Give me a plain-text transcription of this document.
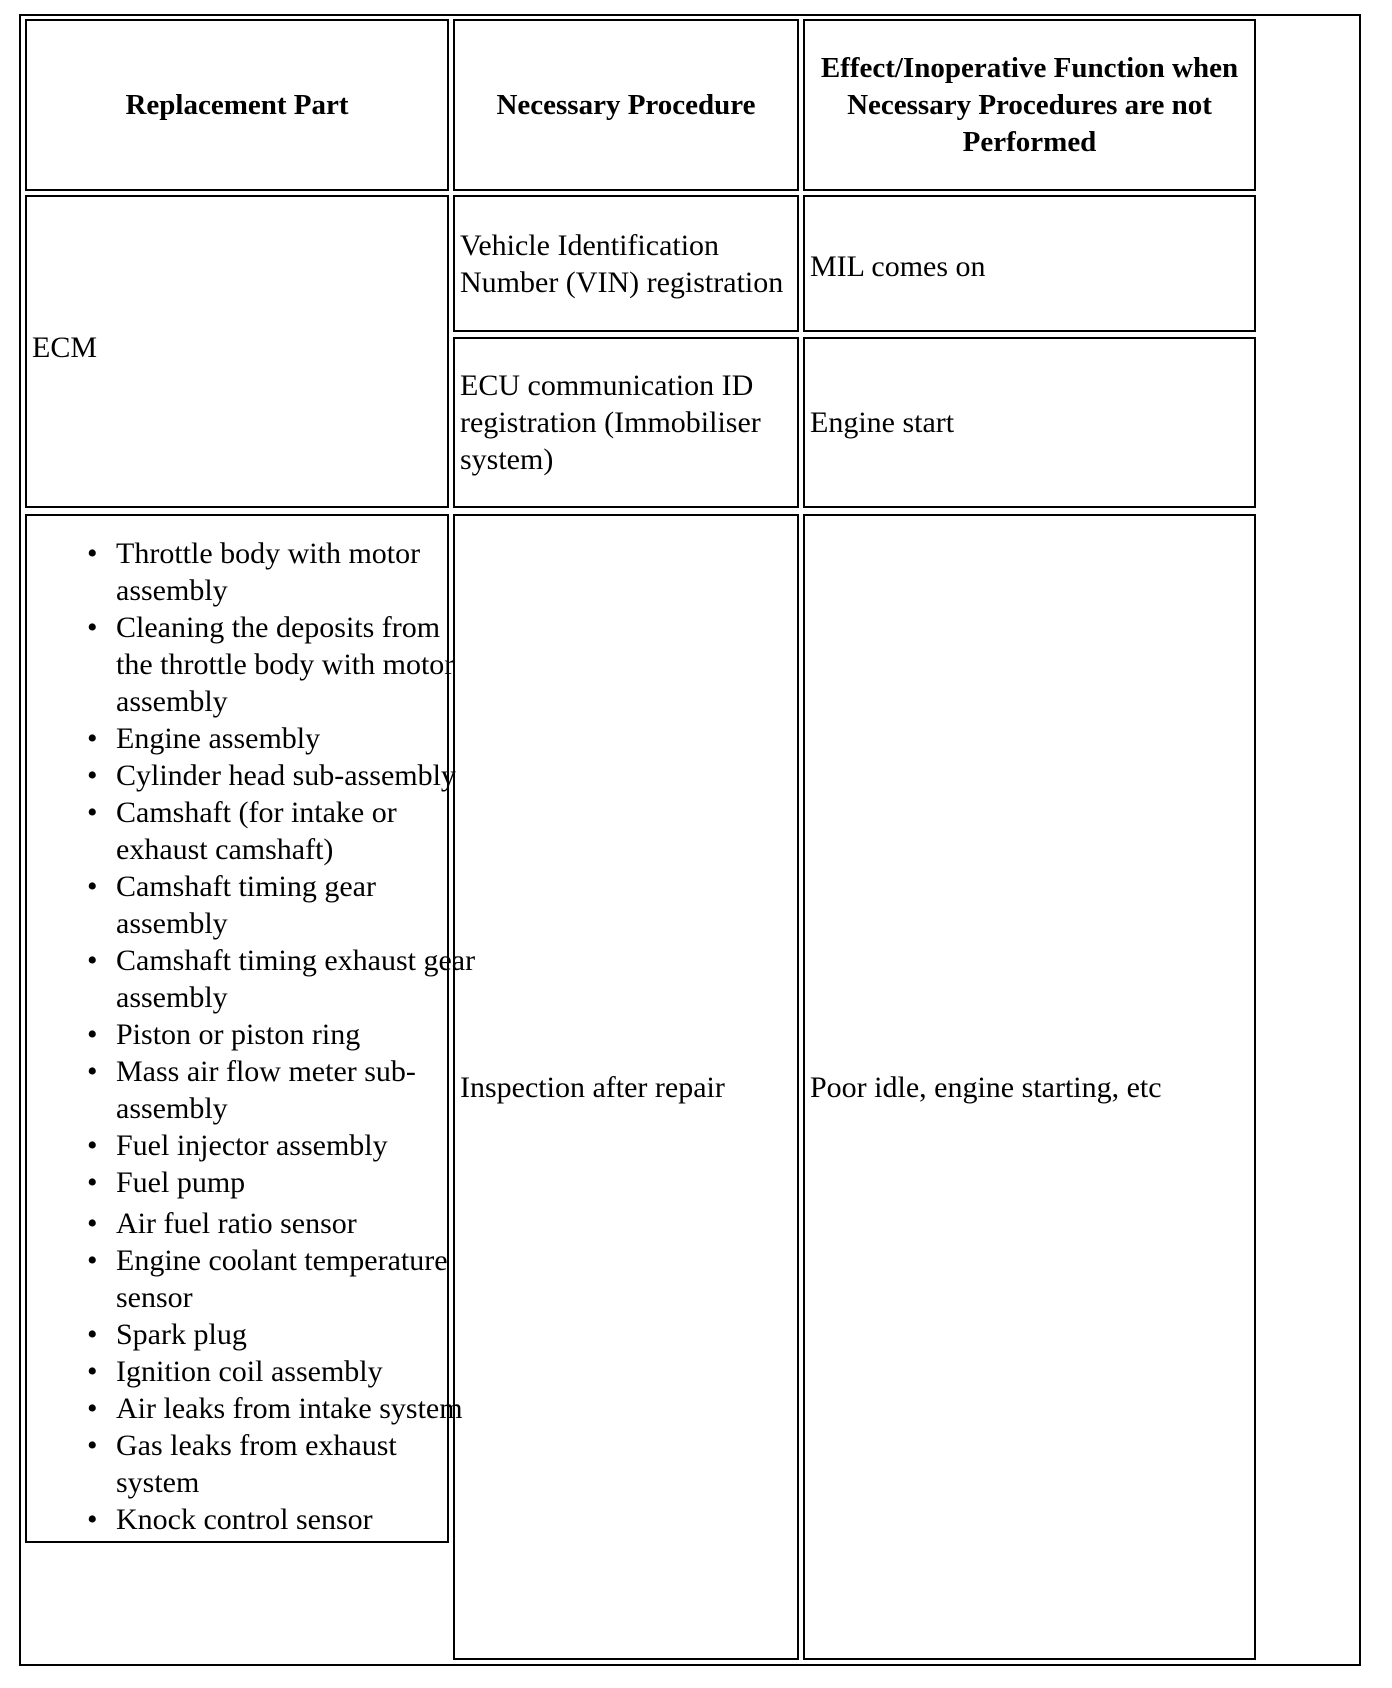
Replacement Part	Necessary Procedure
Effect/Inoperative Function when Necessary Procedures are not Performed
ECM
Vehicle Identification Number (VIN) registration MIL comes on
ECU communication ID registration (Immobiliser system)
Engine start
• Throttle body with motor assembly
• Cleaning the deposits from the throttle body with motor assembly
• Engine assembly
• Cylinder head sub-assembly
• Camshaft (for intake or exhaust camshaft)
• Camshaft timing gear assembly
• Camshaft timing exhaust gear assembly
• Piston or piston ring
• Mass air flow meter sub-assembly
• Fuel injector assembly
• Fuel pump
• Air fuel ratio sensor
• Engine coolant temperature sensor
• Spark plug
• Ignition coil assembly
• Air leaks from intake system
• Gas leaks from exhaust system
• Knock control sensor
Inspection after repair	Poor idle, engine starting, etc
